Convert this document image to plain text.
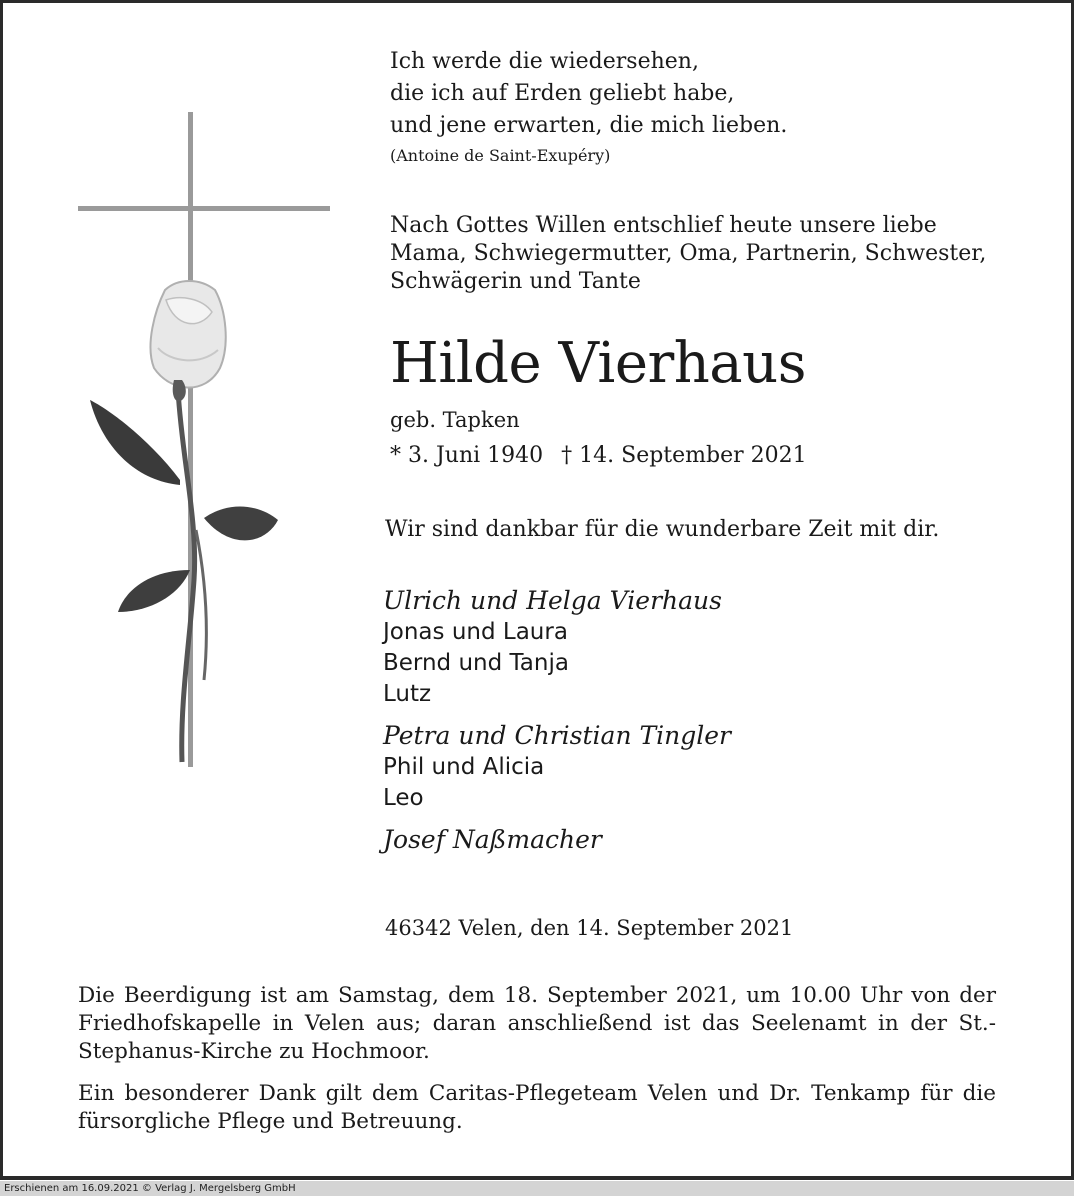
Ich werde die wiedersehen,
die ich auf Erden geliebt habe,
und jene erwarten, die mich lieben.
(Antoine de Saint-Exupéry)
Nach Gottes Willen entschlief heute unsere liebe
Mama, Schwiegermutter, Oma, Partnerin, Schwester,
Schwägerin und Tante
Hilde Vierhaus
geb. Tapken
* 3. Juni 1940 † 14. September 2021
Wir sind dankbar für die wunderbare Zeit mit dir.
Ulrich und Helga Vierhaus
Jonas und Laura
Bernd und Tanja
Lutz
Petra und Christian Tingler
Phil und Alicia
Leo
Josef Naßmacher
46342 Velen, den 14. September 2021
Die Beerdigung ist am Samstag, dem 18. September 2021, um 10.00 Uhr von der Friedhofskapelle in Velen aus; daran anschließend ist das Seelenamt in der St.-Stephanus-Kirche zu Hochmoor.
Ein besonderer Dank gilt dem Caritas-Pflegeteam Velen und Dr. Tenkamp für die fürsorgliche Pflege und Betreuung.
Erschienen am 16.09.2021 © Verlag J. Mergelsberg GmbH
